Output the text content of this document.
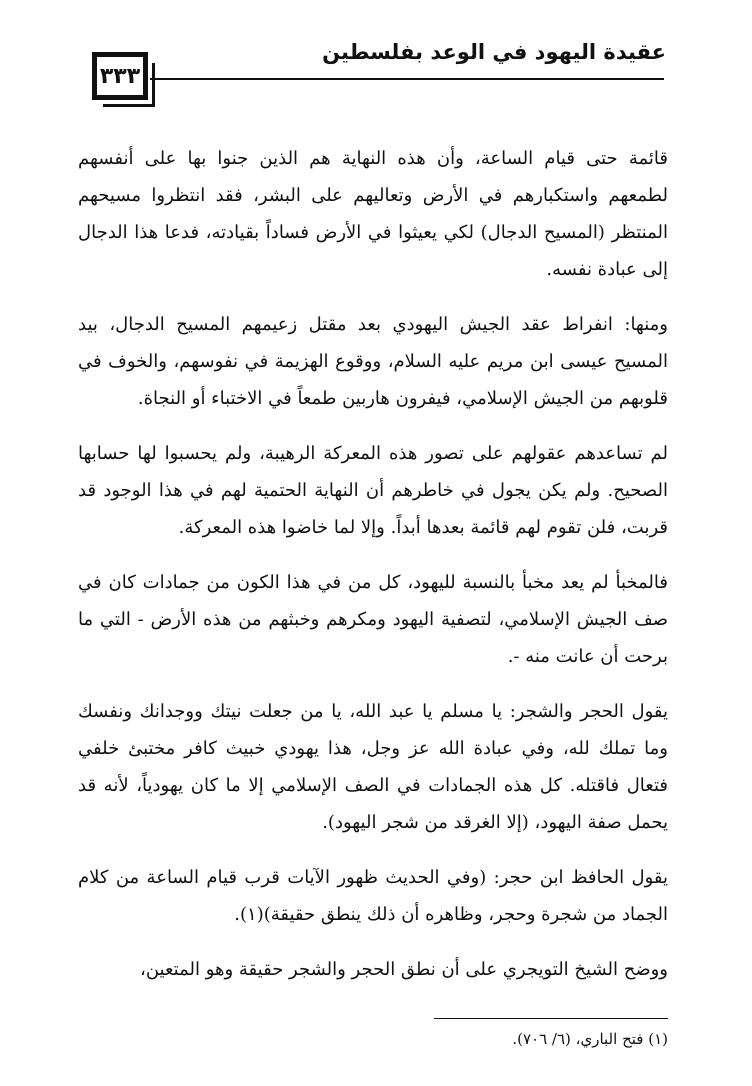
عقيدة اليهود في الوعد بفلسطين
٣٣٣

قائمة حتى قيام الساعة، وأن هذه النهاية هم الذين جنوا بها على أنفسهم لطمعهم واستكبارهم في الأرض وتعاليهم على البشر، فقد انتظروا مسيحهم المنتظر (المسيح الدجال) لكي يعيثوا في الأرض فساداً بقيادته، فدعا هذا الدجال إلى عبادة نفسه.

ومنها: انفراط عقد الجيش اليهودي بعد مقتل زعيمهم المسيح الدجال، بيد المسيح عيسى ابن مريم عليه السلام، ووقوع الهزيمة في نفوسهم، والخوف في قلوبهم من الجيش الإسلامي، فيفرون هاربين طمعاً في الاختباء أو النجاة.

لم تساعدهم عقولهم على تصور هذه المعركة الرهيبة، ولم يحسبوا لها حسابها الصحيح. ولم يكن يجول في خاطرهم أن النهاية الحتمية لهم في هذا الوجود قد قربت، فلن تقوم لهم قائمة بعدها أبداً. وإلا لما خاضوا هذه المعركة.

فالمخبأ لم يعد مخبأ بالنسبة لليهود، كل من في هذا الكون من جمادات كان في صف الجيش الإسلامي، لتصفية اليهود ومكرهم وخبثهم من هذه الأرض - التي ما برحت أن عانت منه -.

يقول الحجر والشجر: يا مسلم يا عبد الله، يا من جعلت نيتك ووجدانك ونفسك وما تملك لله، وفي عبادة الله عز وجل، هذا يهودي خبيث كافر مختبئ خلفي فتعال فاقتله. كل هذه الجمادات في الصف الإسلامي إلا ما كان يهودياً، لأنه قد يحمل صفة اليهود، (إلا الغرقد من شجر اليهود).

يقول الحافظ ابن حجر: (وفي الحديث ظهور الآيات قرب قيام الساعة من كلام الجماد من شجرة وحجر، وظاهره أن ذلك ينطق حقيقة)(١).

ووضح الشيخ التويجري على أن نطق الحجر والشجر حقيقة وهو المتعين،

(١) فتح الباري، (٦/ ٧٠٦).
